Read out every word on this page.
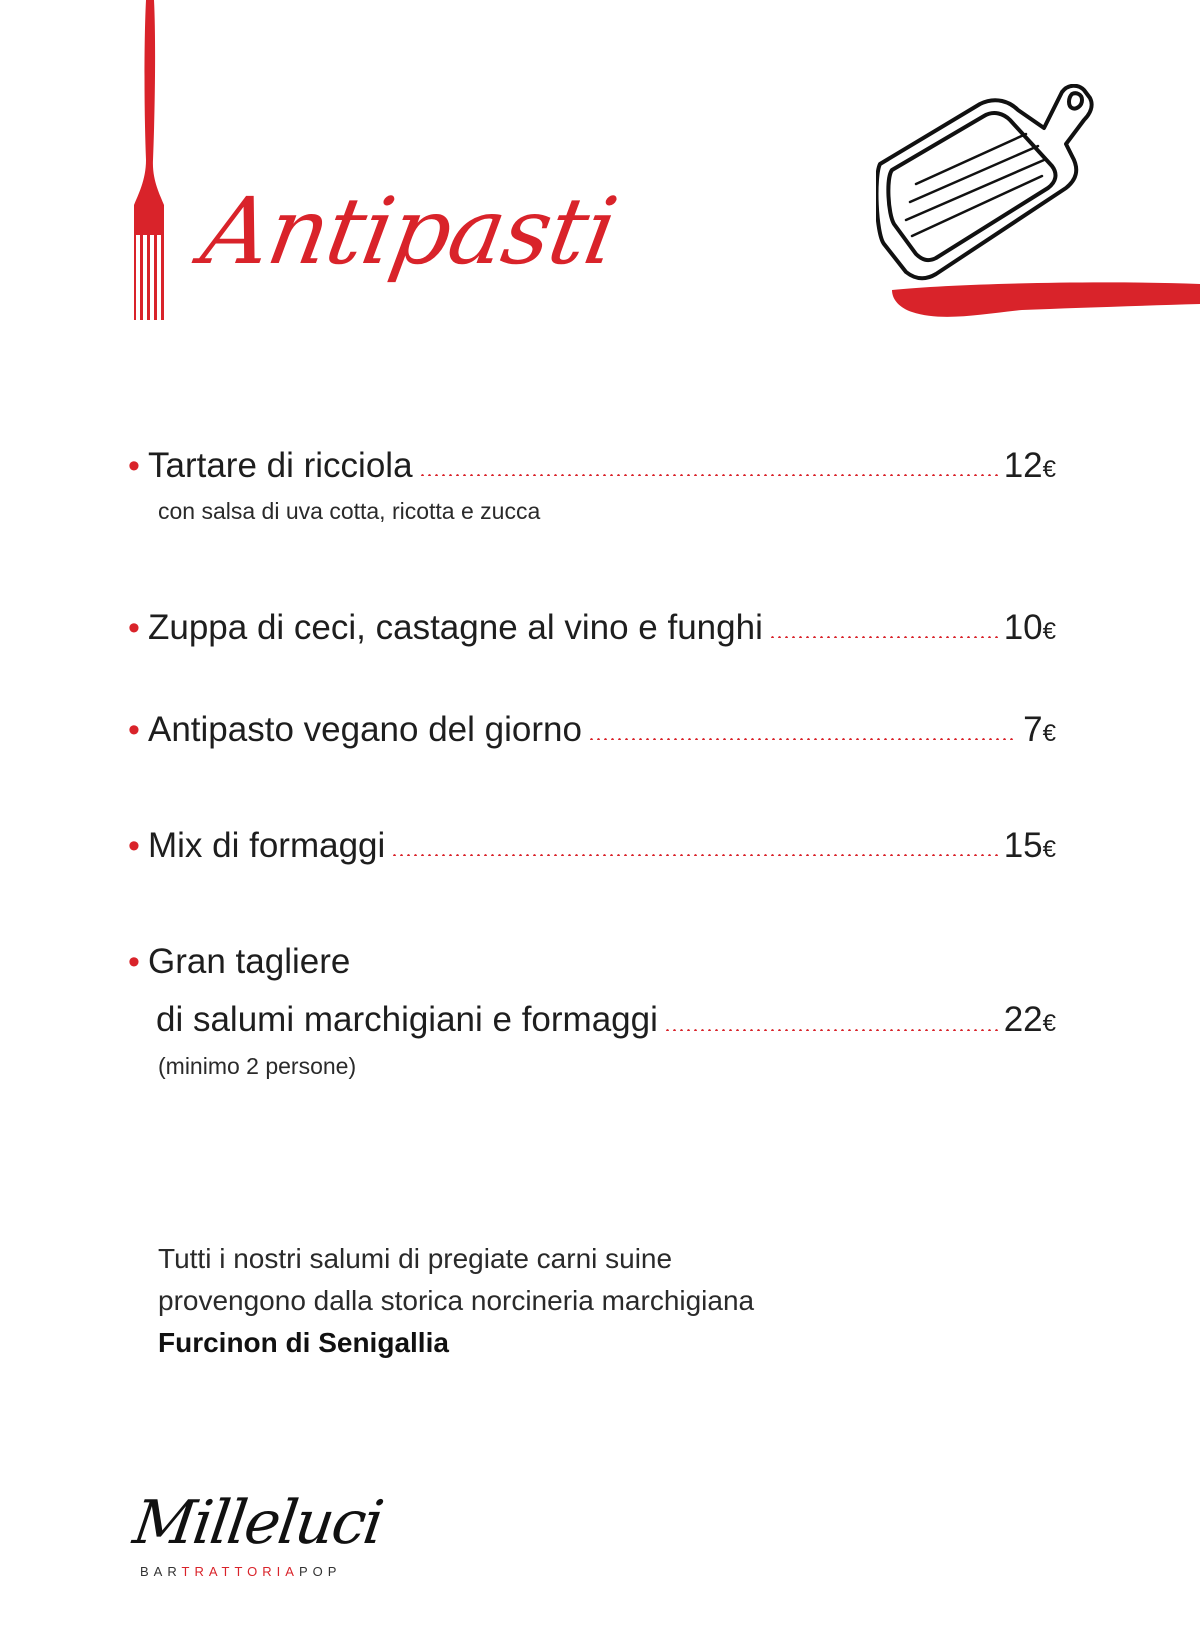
Antipasti
• Tartare di ricciola	12€
con salsa di uva cotta, ricotta e zucca
• Zuppa di ceci, castagne al vino e funghi	10€
• Antipasto vegano del giorno	7€
• Mix di formaggi	15€
• Gran tagliere
di salumi marchigiani e formaggi	22€
(minimo 2 persone)
Tutti i nostri salumi di pregiate carni suine
provengono dalla storica norcineria marchigiana
Furcinon di Senigallia
Milleluci
BARTRATTORIAPOP
